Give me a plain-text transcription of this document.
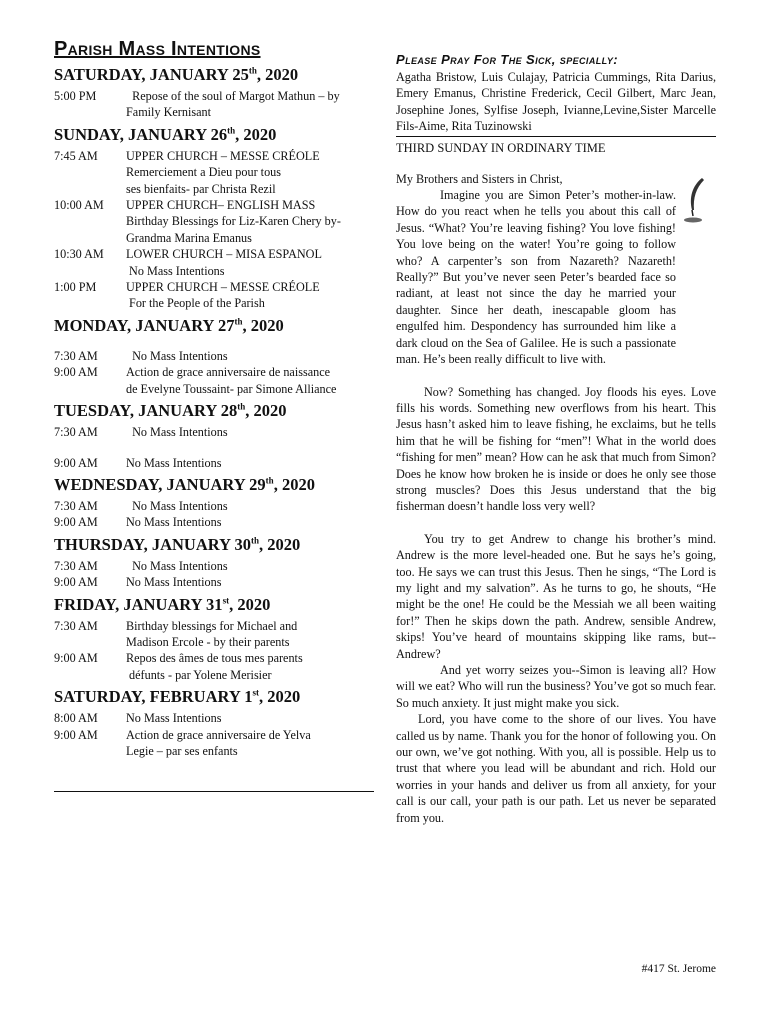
Parish Mass Intentions
SATURDAY, JANUARY 25th, 2020
5:00 PM	Repose of the soul of Margot Mathun – by
Family Kernisant
SUNDAY, JANUARY 26th, 2020
7:45 AM	UPPER CHURCH – MESSE CRÉOLE
Remerciement a Dieu pour tous
ses bienfaits- par Christa Rezil
10:00 AM	UPPER CHURCH– ENGLISH MASS
Birthday Blessings for Liz-Karen Chery by-
Grandma Marina Emanus
10:30 AM	LOWER CHURCH – MISA ESPANOL
No Mass Intentions
1:00 PM	UPPER CHURCH – MESSE CRÉOLE
For the People of the Parish
MONDAY, JANUARY 27th, 2020
7:30 AM	No Mass Intentions
9:00 AM	Action de grace anniversaire de naissance
de Evelyne Toussaint- par Simone Alliance
TUESDAY, JANUARY 28th, 2020
7:30 AM	No Mass Intentions
9:00 AM	No Mass Intentions
WEDNESDAY, JANUARY 29th, 2020
7:30 AM	No Mass Intentions
9:00 AM	No Mass Intentions
THURSDAY, JANUARY 30th, 2020
7:30 AM	No Mass Intentions
9:00 AM	No Mass Intentions
FRIDAY, JANUARY 31st, 2020
7:30 AM	Birthday blessings for Michael and
Madison Ercole - by their parents
9:00 AM	Repos des âmes de tous mes parents
défunts - par Yolene Merisier
SATURDAY, FEBRUARY 1st, 2020
8:00 AM	No Mass Intentions
9:00 AM	Action de grace anniversaire de Yelva
Legie – par ses enfants
Please Pray For The Sick, specially:
Agatha Bristow, Luis Culajay, Patricia Cummings, Rita Darius, Emery Emanus, Christine Frederick, Cecil Gilbert, Marc Jean, Josephine Jones, Sylfise Joseph, Ivianne,Levine,Sister Marcelle Fils-Aime, Rita Tuzinowski
THIRD SUNDAY IN ORDINARY TIME

My Brothers and Sisters in Christ,

Imagine you are Simon Peter’s mother-in-law. How do you react when he tells you about this call of Jesus. “What? You’re leaving fishing? You love fishing! You love being on the water! You’re going to follow who? A carpenter’s son from Nazareth? Nazareth! Really?” But you’ve never seen Peter’s bearded face so radiant, at least not since the day he married your daughter. Since her death, inescapable gloom has engulfed him. Despondency has surrounded him like a dark cloud on the Sea of Galilee. He is such a passionate man. He’s been really difficult to live with.

Now? Something has changed. Joy floods his eyes. Love fills his words. Something new overflows from his heart. This Jesus hasn’t asked him to leave fishing, he exclaims, but he tells him that he will be fishing for “men”! What in the world does “fishing for men” mean? How can he ask that much from Simon? Does he know how broken he is inside or does he only see those strong muscles? Does this Jesus understand that the big fisherman doesn’t handle loss very well?

You try to get Andrew to change his brother’s mind. Andrew is the more level-headed one. But he says he’s going, too. He says we can trust this Jesus. Then he sings, “The Lord is my light and my salvation”. As he turns to go, he shouts, “He might be the one! He could be the Messiah we all been waiting for!” Then he skips down the path. Andrew, sensible Andrew, skips! You’ve heard of mountains skipping like rams, but--Andrew?

And yet worry seizes you--Simon is leaving all? How will we eat? Who will run the business? You’ve got so much fear. So much anxiety. It just might make you sick.

Lord, you have come to the shore of our lives. You have called us by name. Thank you for the honor of following you. On our own, we’ve got nothing. With you, all is possible. Help us to trust that where you lead will be abundant and rich. Hold our worries in your hands and deliver us from all anxiety, for your call is our call, your path is our path. Let us never be separated from you.

#417 St. Jerome
